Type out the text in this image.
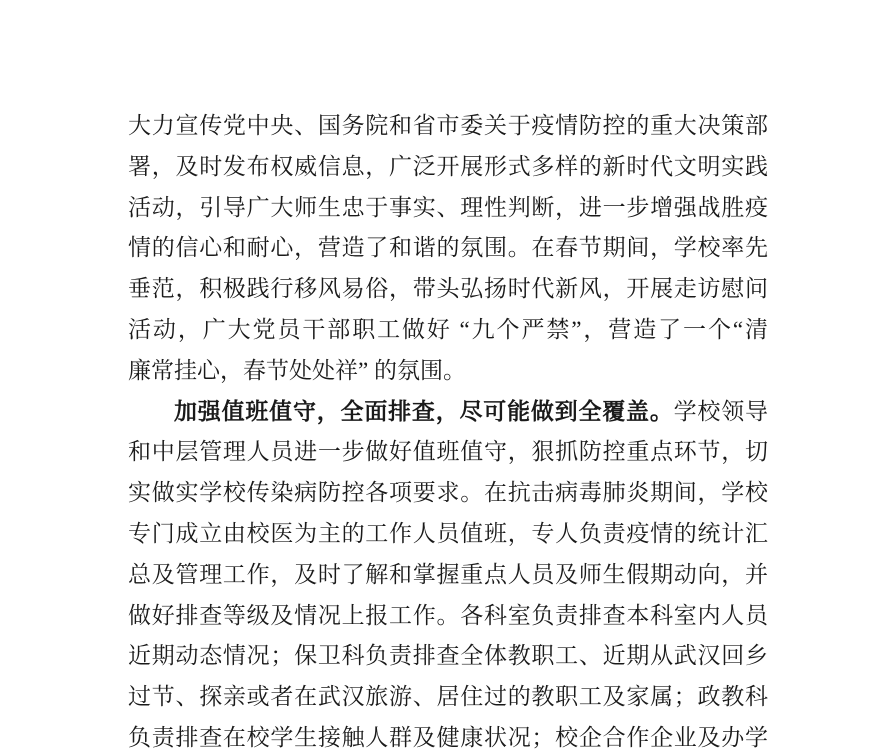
大力宣传党中央、国务院和省市委关于疫情防控的重大决策部
署，及时发布权威信息，广泛开展形式多样的新时代文明实践
活动，引导广大师生忠于事实、理性判断，进一步增强战胜疫
情的信心和耐心，营造了和谐的氛围。在春节期间，学校率先
垂范，积极践行移风易俗，带头弘扬时代新风，开展走访慰问
活动，广大党员干部职工做好 “九个严禁”，营造了一个“清
廉常挂心，春节处处祥” 的氛围。
加强值班值守，全面排查，尽可能做到全覆盖。学校领导
和中层管理人员进一步做好值班值守，狠抓防控重点环节，切
实做实学校传染病防控各项要求。在抗击病毒肺炎期间，学校
专门成立由校医为主的工作人员值班，专人负责疫情的统计汇
总及管理工作，及时了解和掌握重点人员及师生假期动向，并
做好排查等级及情况上报工作。各科室负责排查本科室内人员
近期动态情况；保卫科负责排查全体教职工、近期从武汉回乡
过节、探亲或者在武汉旅游、居住过的教职工及家属；政教科
负责排查在校学生接触人群及健康状况；校企合作企业及办学
